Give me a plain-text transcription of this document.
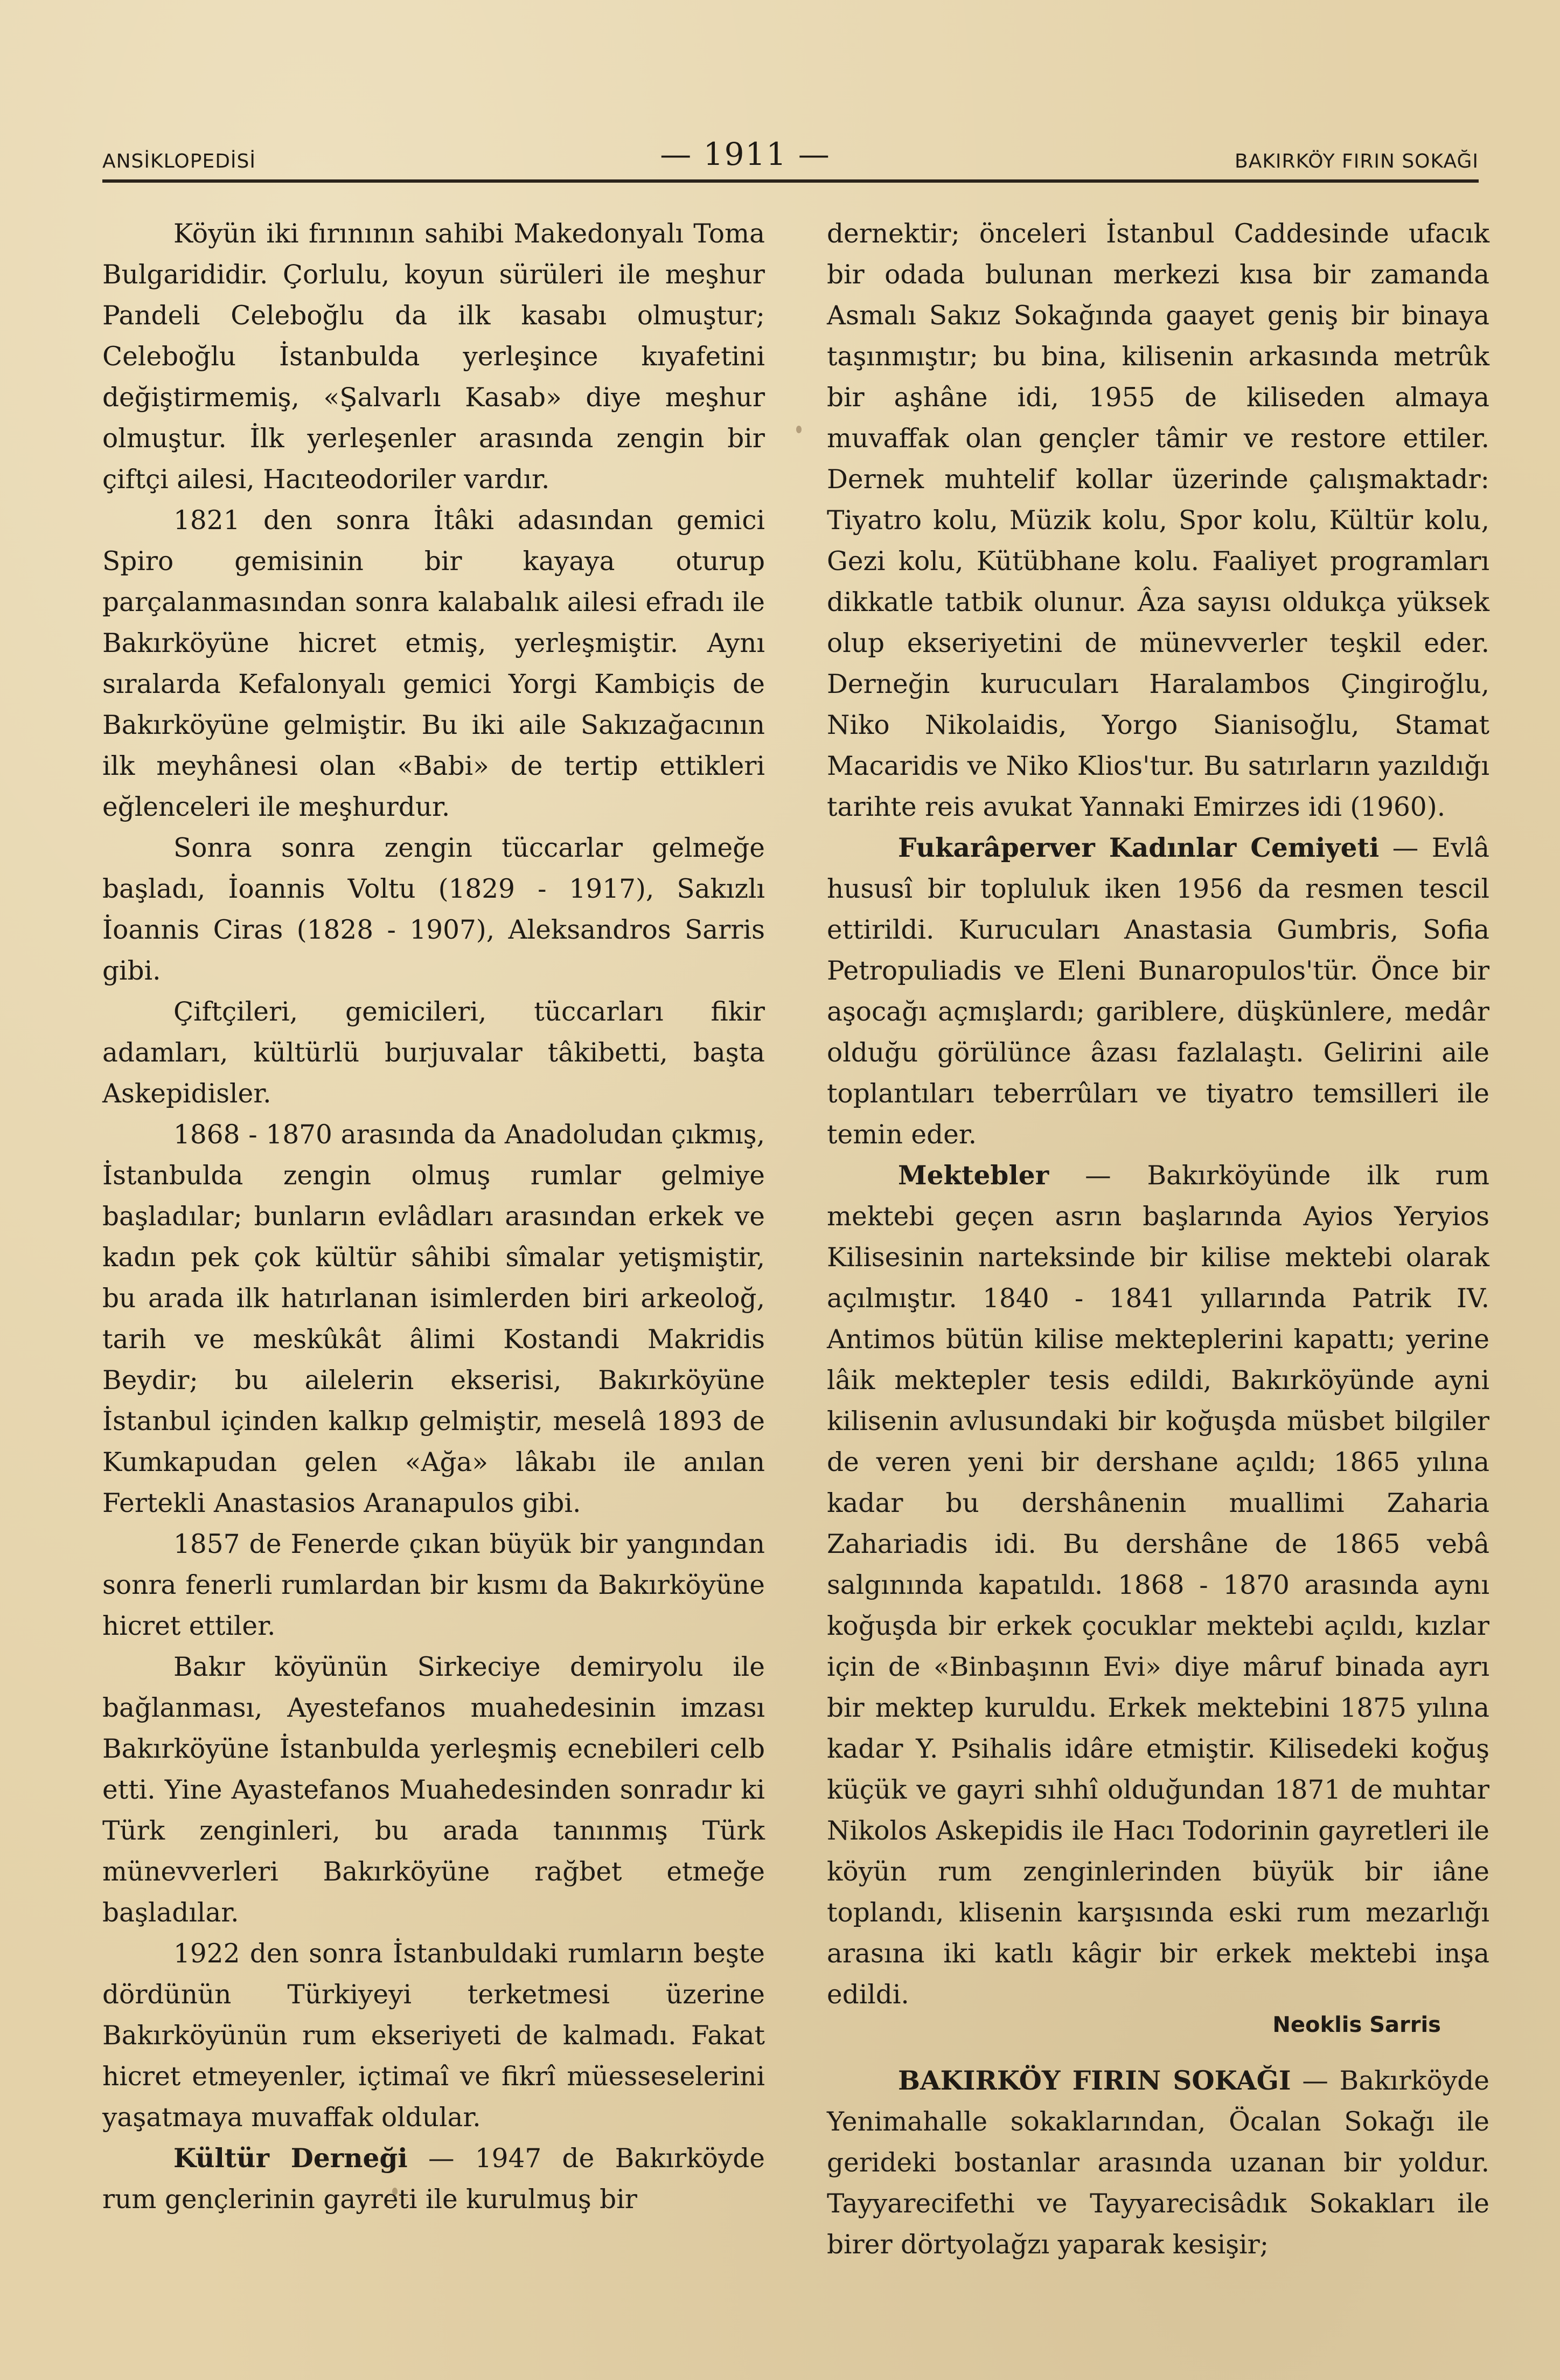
ANSİKLOPEDİSİ	— 1911 —	BAKIRKÖY FIRIN SOKAĞI

Köyün iki fırınının sahibi Makedonyalı Toma Bulgarididir. Çorlulu, koyun sürüleri ile meşhur Pandeli Celeboğlu da ilk kasabı olmuştur; Celeboğlu İstanbulda yerleşince kıyafetini değiştirmemiş, «Şalvarlı Kasab» diye meşhur olmuştur. İlk yerleşenler arasında zengin bir çiftçi ailesi, Hacıteodoriler vardır.

1821 den sonra İtâki adasından gemici Spiro gemisinin bir kayaya oturup parçalanmasından sonra kalabalık ailesi efradı ile Bakırköyüne hicret etmiş, yerleşmiştir. Aynı sıralarda Kefalonyalı gemici Yorgi Kambiçis de Bakırköyüne gelmiştir. Bu iki aile Sakızağacının ilk meyhânesi olan «Babi» de tertip ettikleri eğlenceleri ile meşhurdur.

Sonra sonra zengin tüccarlar gelmeğe başladı, İoannis Voltu (1829 - 1917), Sakızlı İoannis Ciras (1828 - 1907), Aleksandros Sarris gibi.

Çiftçileri, gemicileri, tüccarları fikir adamları, kültürlü burjuvalar tâkibetti, başta Askepidisler.

1868 - 1870 arasında da Anadoludan çıkmış, İstanbulda zengin olmuş rumlar gelmiye başladılar; bunların evlâdları arasından erkek ve kadın pek çok kültür sâhibi sîmalar yetişmiştir, bu arada ilk hatırlanan isimlerden biri arkeoloğ, tarih ve meskûkât âlimi Kostandi Makridis Beydir; bu ailelerin ekserisi, Bakırköyüne İstanbul içinden kalkıp gelmiştir, meselâ 1893 de Kumkapudan gelen «Ağa» lâkabı ile anılan Fertekli Anastasios Aranapulos gibi.

1857 de Fenerde çıkan büyük bir yangından sonra fenerli rumlardan bir kısmı da Bakırköyüne hicret ettiler.

Bakır köyünün Sirkeciye demiryolu ile bağlanması, Ayestefanos muahedesinin imzası Bakırköyüne İstanbulda yerleşmiş ecnebileri celb etti. Yine Ayastefanos Muahedesinden sonradır ki Türk zenginleri, bu arada tanınmış Türk münevverleri Bakırköyüne rağbet etmeğe başladılar.

1922 den sonra İstanbuldaki rumların beşte dördünün Türkiyeyi terketmesi üzerine Bakırköyünün rum ekseriyeti de kalmadı. Fakat hicret etmeyenler, içtimaî ve fikrî müesseselerini yaşatmaya muvaffak oldular.

Kültür Derneği — 1947 de Bakırköyde rum gençlerinin gayreti ile kurulmuş bir

dernektir; önceleri İstanbul Caddesinde ufacık bir odada bulunan merkezi kısa bir zamanda Asmalı Sakız Sokağında gaayet geniş bir binaya taşınmıştır; bu bina, kilisenin arkasında metrûk bir aşhâne idi, 1955 de kiliseden almaya muvaffak olan gençler tâmir ve restore ettiler. Dernek muhtelif kollar üzerinde çalışmaktadr: Tiyatro kolu, Müzik kolu, Spor kolu, Kültür kolu, Gezi kolu, Kütübhane kolu. Faaliyet programları dikkatle tatbik olunur. Âza sayısı oldukça yüksek olup ekseriyetini de münevverler teşkil eder. Derneğin kurucuları Haralambos Çingiroğlu, Niko Nikolaidis, Yorgo Sianisoğlu, Stamat Macaridis ve Niko Klios'tur. Bu satırların yazıldığı tarihte reis avukat Yannaki Emirzes idi (1960).

Fukarâperver Kadınlar Cemiyeti — Evlâ hususî bir topluluk iken 1956 da resmen tescil ettirildi. Kurucuları Anastasia Gumbris, Sofia Petropuliadis ve Eleni Bunaropulos'tür. Önce bir aşocağı açmışlardı; gariblere, düşkünlere, medâr olduğu görülünce âzası fazlalaştı. Gelirini aile toplantıları teberrûları ve tiyatro temsilleri ile temin eder.

Mektebler — Bakırköyünde ilk rum mektebi geçen asrın başlarında Ayios Yeryios Kilisesinin narteksinde bir kilise mektebi olarak açılmıştır. 1840 - 1841 yıllarında Patrik IV. Antimos bütün kilise mekteplerini kapattı; yerine lâik mektepler tesis edildi, Bakırköyünde ayni kilisenin avlusundaki bir koğuşda müsbet bilgiler de veren yeni bir dershane açıldı; 1865 yılına kadar bu dershânenin muallimi Zaharia Zahariadis idi. Bu dershâne de 1865 vebâ salgınında kapatıldı. 1868 - 1870 arasında aynı koğuşda bir erkek çocuklar mektebi açıldı, kızlar için de «Binbaşının Evi» diye mâruf binada ayrı bir mektep kuruldu. Erkek mektebini 1875 yılına kadar Y. Psihalis idâre etmiştir. Kilisedeki koğuş küçük ve gayri sıhhî olduğundan 1871 de muhtar Nikolos Askepidis ile Hacı Todorinin gayretleri ile köyün rum zenginlerinden büyük bir iâne toplandı, klisenin karşısında eski rum mezarlığı arasına iki katlı kâgir bir erkek mektebi inşa edildi.

Neoklis Sarris

BAKIRKÖY FIRIN SOKAĞI — Bakırköyde Yenimahalle sokaklarından, Öcalan Sokağı ile gerideki bostanlar arasında uzanan bir yoldur. Tayyarecifethi ve Tayyarecisâdık Sokakları ile birer dörtyolağzı yaparak kesişir;
